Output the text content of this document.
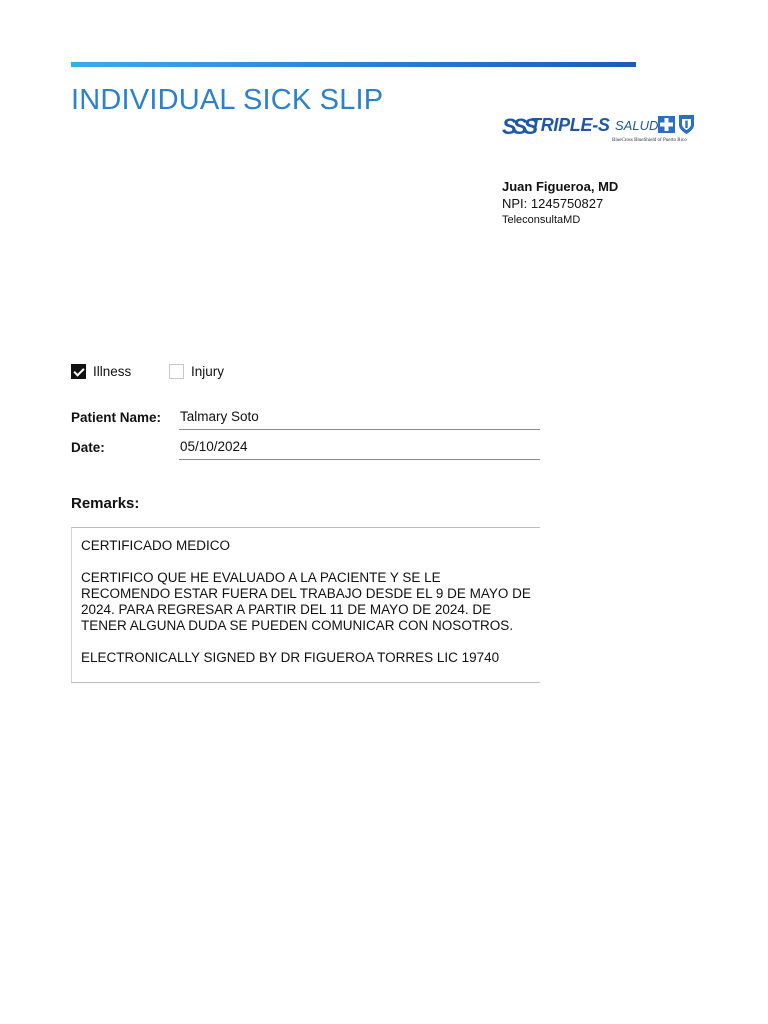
INDIVIDUAL SICK SLIP
SSS
TRIPLE-S SALUD
BlueCross BlueShield of Puerto Rico
Juan Figueroa, MD
NPI: 1245750827
TeleconsultaMD
Illness	Injury
Patient Name: Talmary Soto
Date:	05/10/2024
Remarks:

CERTIFICADO MEDICO

CERTIFICO QUE HE EVALUADO A LA PACIENTE Y SE LE RECOMENDO ESTAR FUERA DEL TRABAJO DESDE EL 9 DE MAYO DE 2024. PARA REGRESAR A PARTIR DEL 11 DE MAYO DE 2024. DE TENER ALGUNA DUDA SE PUEDEN COMUNICAR CON NOSOTROS.

ELECTRONICALLY SIGNED BY DR FIGUEROA TORRES LIC 19740
